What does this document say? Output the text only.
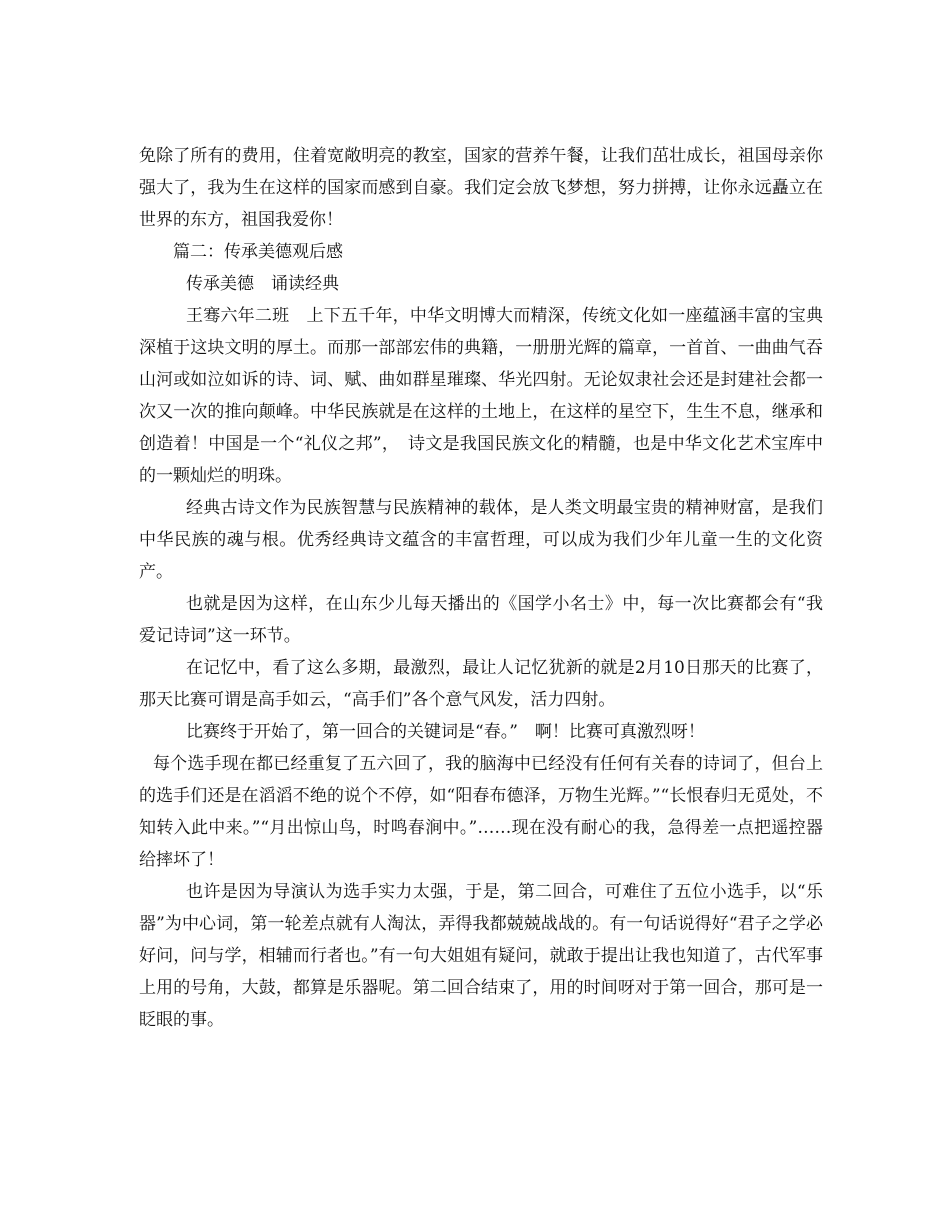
免除了所有的费用，住着宽敞明亮的教室，国家的营养午餐，让我们茁壮成长，祖国母亲你强大了，我为生在这样的国家而感到自豪。我们定会放飞梦想，努力拼搏，让你永远矗立在世界的东方，祖国我爱你！

篇二：传承美德观后感

传承美德　诵读经典

王骞六年二班　上下五千年，中华文明博大而精深，传统文化如一座蕴涵丰富的宝典深植于这块文明的厚土。而那一部部宏伟的典籍，一册册光辉的篇章，一首首、一曲曲气吞山河或如泣如诉的诗、词、赋、曲如群星璀璨、华光四射。无论奴隶社会还是封建社会都一次又一次的推向颠峰。中华民族就是在这样的土地上，在这样的星空下，生生不息，继承和创造着！中国是一个“礼仪之邦”，　诗文是我国民族文化的精髓，也是中华文化艺术宝库中的一颗灿烂的明珠。

经典古诗文作为民族智慧与民族精神的载体，是人类文明最宝贵的精神财富，是我们中华民族的魂与根。优秀经典诗文蕴含的丰富哲理，可以成为我们少年儿童一生的文化资产。

也就是因为这样，在山东少儿每天播出的《国学小名士》中，每一次比赛都会有“我爱记诗词”这一环节。

在记忆中，看了这么多期，最激烈，最让人记忆犹新的就是2月10日那天的比赛了，那天比赛可谓是高手如云，“高手们”各个意气风发，活力四射。

比赛终于开始了，第一回合的关键词是“春。”　啊！比赛可真激烈呀！

每个选手现在都已经重复了五六回了，我的脑海中已经没有任何有关春的诗词了，但台上的选手们还是在滔滔不绝的说个不停，如“阳春布德泽，万物生光辉。”“长恨春归无觅处，不知转入此中来。”“月出惊山鸟，时鸣春涧中。”……现在没有耐心的我，急得差一点把遥控器给摔坏了！

也许是因为导演认为选手实力太强，于是，第二回合，可难住了五位小选手，以“乐器”为中心词，第一轮差点就有人淘汰，弄得我都兢兢战战的。有一句话说得好“君子之学必好问，问与学，相辅而行者也。”有一句大姐姐有疑问，就敢于提出让我也知道了，古代军事上用的号角，大鼓，都算是乐器呢。第二回合结束了，用的时间呀对于第一回合，那可是一眨眼的事。
